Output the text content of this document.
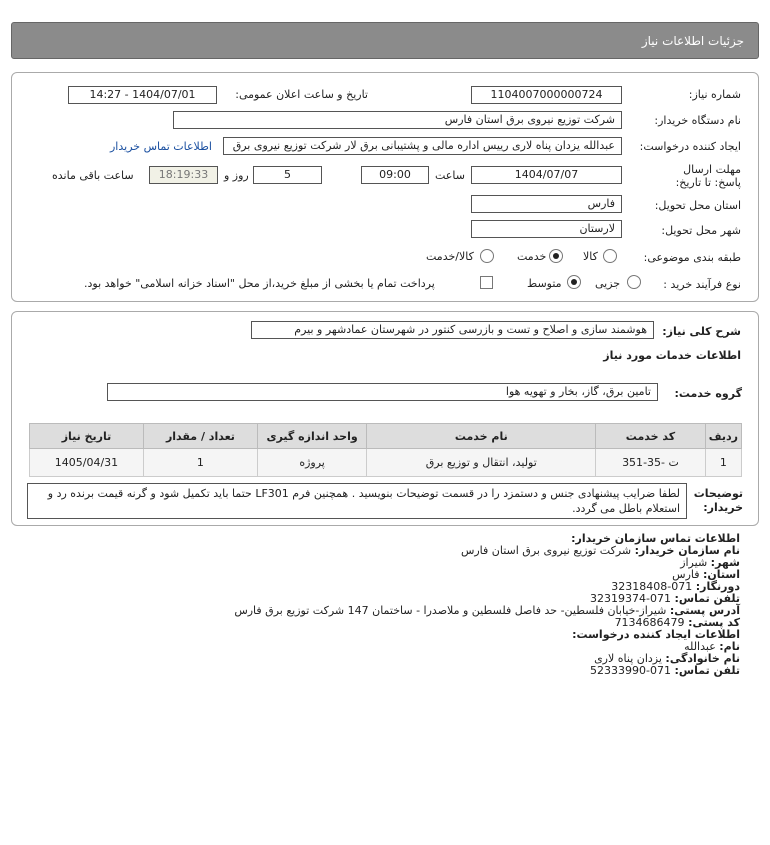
جزئیات اطلاعات نیاز
شماره نیاز:
1104007000000724
تاریخ و ساعت اعلان عمومی:
1404/07/01 - 14:27
نام دستگاه خریدار:
شرکت توزیع نیروی برق استان فارس
ایجاد کننده درخواست:
عبدالله یزدان پناه لاری رییس اداره مالی و پشتیبانی برق لار شرکت توزیع نیروی برق
اطلاعات تماس خریدار
مهلت ارسال پاسخ: تا تاریخ:
1404/07/07
ساعت
09:00
5
روز و
18:19:33
ساعت باقی مانده
استان محل تحویل:
فارس
شهر محل تحویل:
لارستان
طبقه بندی موضوعی:
کالا
خدمت
کالا/خدمت
نوع فرآیند خرید :
جزیی
متوسط
پرداخت تمام یا بخشی از مبلغ خرید،از محل "اسناد خزانه اسلامی" خواهد بود.
شرح کلی نیاز:
هوشمند سازی و اصلاح و تست و بازرسی کنتور در شهرستان عمادشهر و بیرم
اطلاعات خدمات مورد نیاز
گروه خدمت:
تامین برق، گاز، بخار و تهویه هوا
ردیف	کد خدمت	نام خدمت	واحد اندازه گیری	تعداد / مقدار	تاریخ نیاز
1	ت -35-351	تولید، انتقال و توزیع برق	پروژه	1	1405/04/31
توضیحات خریدار:
لطفا ضرایب پیشنهادی جنس و دستمزد را در قسمت توضیحات بنویسید . همچنین فرم LF301 حتما باید تکمیل شود و گرنه قیمت برنده رد و استعلام باطل می گردد.
اطلاعات تماس سازمان خریدار:
نام سازمان خریدار: شرکت توزیع نیروی برق استان فارس
شهر: شیراز
استان: فارس
دورنگار: 071-32318408
تلفن تماس: 071-32319374
آدرس پستی: شیراز-خیابان فلسطین- حد فاصل فلسطین و ملاصدرا - ساختمان 147 شرکت توزیع برق فارس
کد پستی: 7134686479
اطلاعات ایجاد کننده درخواست:
نام: عبدالله
نام خانوادگی: یزدان پناه لاری
تلفن تماس: 071-52333990
